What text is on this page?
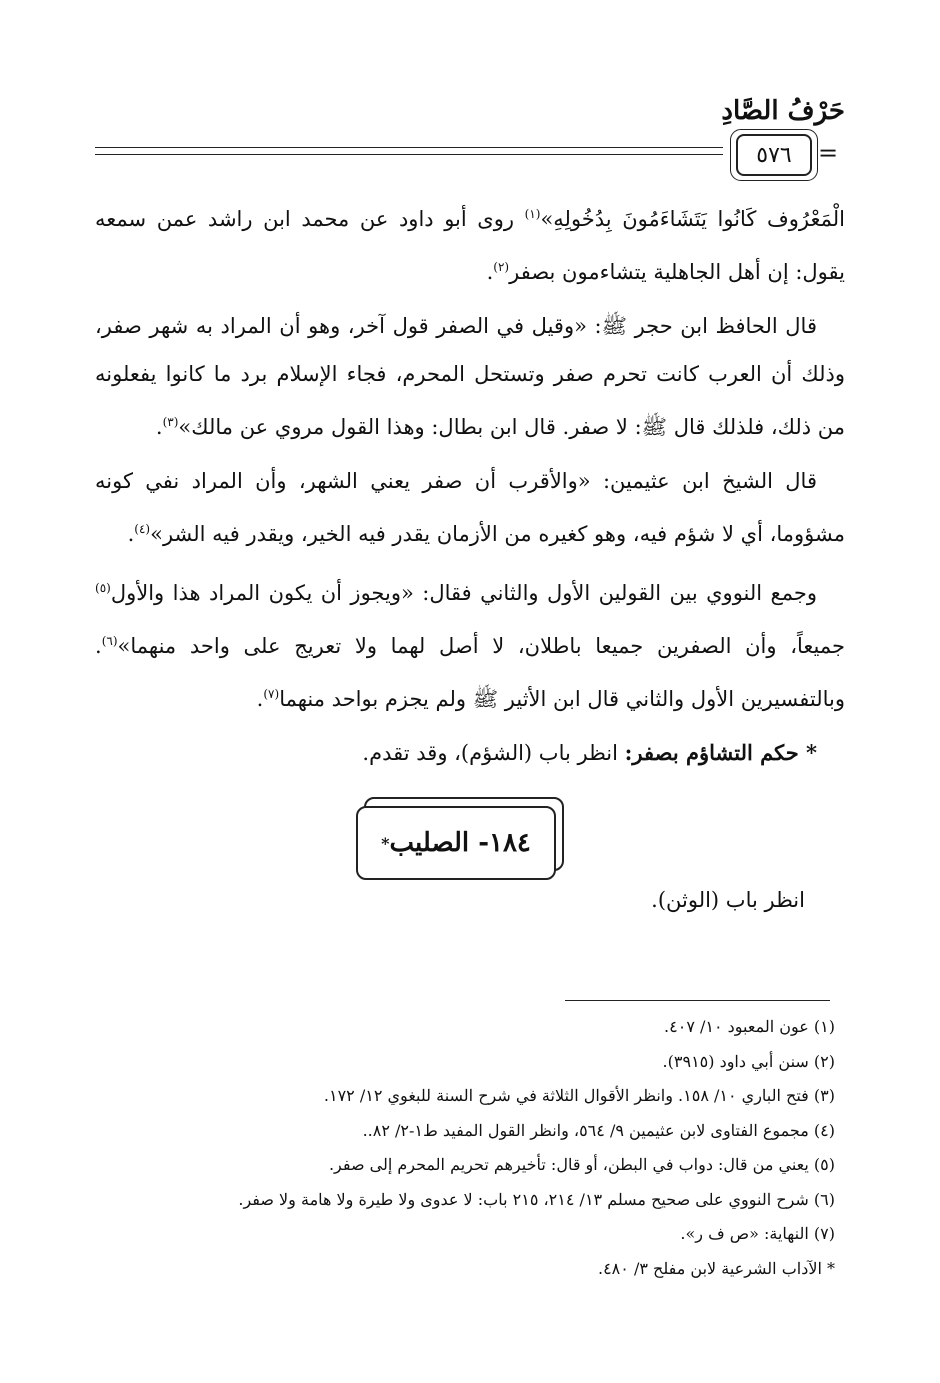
حَرْفُ الصَّادِ
٥٧٦	=

الْمَعْرُوف كَانُوا يَتَشَاءَمُونَ بِدُخُولِهِ»$^{(١)}$ روى أبو داود عن محمد ابن راشد عمن سمعه يقول: إن أهل الجاهلية يتشاءمون بصفر$^{(٢)}$.

قال الحافظ ابن حجر ﷺ: «وقيل في الصفر قول آخر، وهو أن المراد به شهر صفر، وذلك أن العرب كانت تحرم صفر وتستحل المحرم، فجاء الإسلام برد ما كانوا يفعلونه من ذلك، فلذلك قال ﷺ: لا صفر. قال ابن بطال: وهذا القول مروي عن مالك»$^{(٣)}$.

قال الشيخ ابن عثيمين: «والأقرب أن صفر يعني الشهر، وأن المراد نفي كونه مشؤوما، أي لا شؤم فيه، وهو كغيره من الأزمان يقدر فيه الخير، ويقدر فيه الشر»$^{(٤)}$.

وجمع النووي بين القولين الأول والثاني فقال: «ويجوز أن يكون المراد هذا والأول$^{(٥)}$ جميعاً، وأن الصفرين جميعا باطلان، لا أصل لهما ولا تعريج على واحد منهما»$^{(٦)}$. وبالتفسيرين الأول والثاني قال ابن الأثير ﷺ ولم يجزم بواحد منهما$^{(٧)}$.

* حكم التشاؤم بصفر: انظر باب (الشؤم)، وقد تقدم.

١٨٤- الصليب
*
انظر باب (الوثن).

(١) عون المعبود ١٠/ ٤٠٧.

(٢) سنن أبي داود (٣٩١٥).

(٣) فتح الباري ١٠/ ١٥٨. وانظر الأقوال الثلاثة في شرح السنة للبغوي ١٢/ ١٧٢.

(٤) مجموع الفتاوى لابن عثيمين ٩/ ٥٦٤، وانظر القول المفيد ط١-٢/ ٨٢..

(٥) يعني من قال: دواب في البطن، أو قال: تأخيرهم تحريم المحرم إلى صفر.

(٦) شرح النووي على صحيح مسلم ١٣/ ٢١٤، ٢١٥ باب: لا عدوى ولا طيرة ولا هامة ولا صفر.

(٧) النهاية: «ص ف ر».

* الآداب الشرعية لابن مفلح ٣/ ٤٨٠.
